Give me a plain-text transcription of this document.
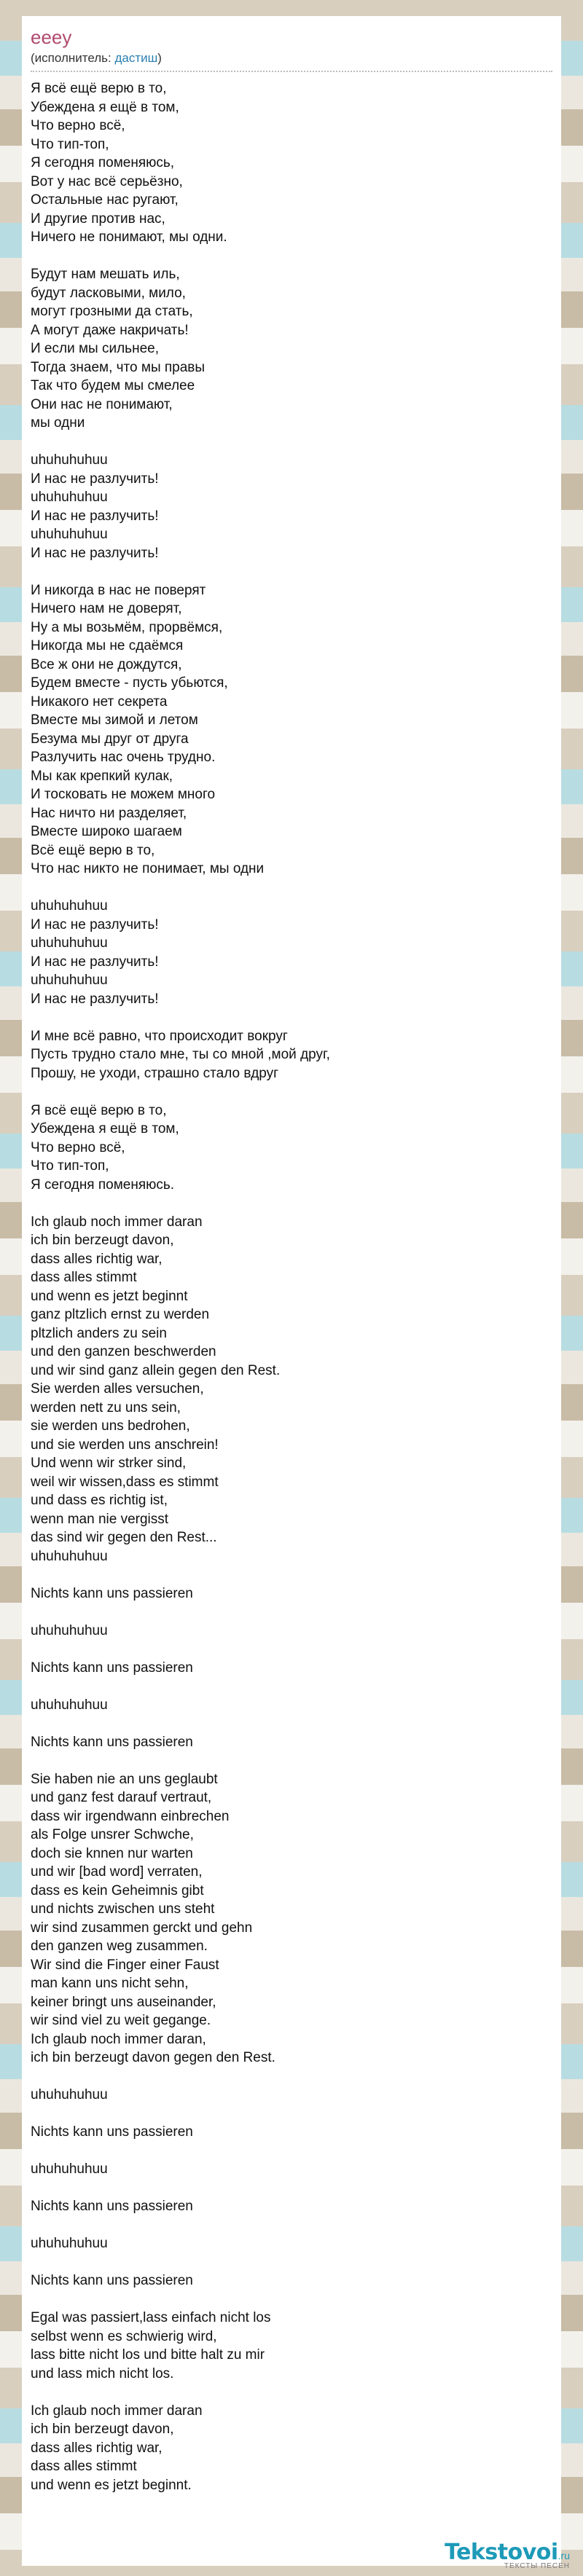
eeey
(исполнитель: дастиш)
Я всё ещё верю в то,
Убеждена я ещё в том,
Что верно всё,
Что тип-топ,
Я сегодня поменяюсь,
Вот у нас всё серьёзно,
Остальные нас ругают,
И другие против нас,
Ничего не понимают, мы одни.
Будут нам мешать иль,
будут ласковыми, мило,
могут грозными да стать,
А могут даже накричать!
И если мы сильнее,
Тогда знаем, что мы правы
Так что будем мы смелее
Они нас не понимают,
мы одни
uhuhuhuhuu
И нас не разлучить!
uhuhuhuhuu
И нас не разлучить!
uhuhuhuhuu
И нас не разлучить!
И никогда в нас не поверят
Ничего нам не доверят,
Ну а мы возьмём, прорвёмся,
Никогда мы не сдаёмся
Все ж они не дождутся,
Будем вместе - пусть убьются,
Никакого нет секрета
Вместе мы зимой и летом
Безума мы друг от друга
Разлучить нас очень трудно.
Мы как крепкий кулак,
И тосковать не можем много
Нас ничто ни разделяет,
Вместе широко шагаем
Всё ещё верю в то,
Что нас никто не понимает, мы одни
uhuhuhuhuu
И нас не разлучить!
uhuhuhuhuu
И нас не разлучить!
uhuhuhuhuu
И нас не разлучить!
И мне всё равно, что происходит вокруг
Пусть трудно стало мне, ты со мной ,мой друг,
Прошу, не уходи, страшно стало вдруг
Я всё ещё верю в то,
Убеждена я ещё в том,
Что верно всё,
Что тип-топ,
Я сегодня поменяюсь.
Ich glaub noch immer daran
ich bin berzeugt davon,
dass alles richtig war,
dass alles stimmt
und wenn es jetzt beginnt
ganz pltzlich ernst zu werden
pltzlich anders zu sein
und den ganzen beschwerden
und wir sind ganz allein gegen den Rest.
Sie werden alles versuchen,
werden nett zu uns sein,
sie werden uns bedrohen,
und sie werden uns anschrein!
Und wenn wir strker sind,
weil wir wissen,dass es stimmt
und dass es richtig ist,
wenn man nie vergisst
das sind wir gegen den Rest...
uhuhuhuhuu
Nichts kann uns passieren
uhuhuhuhuu
Nichts kann uns passieren
uhuhuhuhuu
Nichts kann uns passieren
Sie haben nie an uns geglaubt
und ganz fest darauf vertraut,
dass wir irgendwann einbrechen
als Folge unsrer Schwche,
doch sie knnen nur warten
und wir [bad word] verraten,
dass es kein Geheimnis gibt
und nichts zwischen uns steht
wir sind zusammen gerckt und gehn
den ganzen weg zusammen.
Wir sind die Finger einer Faust
man kann uns nicht sehn,
keiner bringt uns auseinander,
wir sind viel zu weit gegange.
Ich glaub noch immer daran,
ich bin berzeugt davon gegen den Rest.
uhuhuhuhuu
Nichts kann uns passieren
uhuhuhuhuu
Nichts kann uns passieren
uhuhuhuhuu
Nichts kann uns passieren
Egal was passiert,lass einfach nicht los
selbst wenn es schwierig wird,
lass bitte nicht los und bitte halt zu mir
und lass mich nicht los.
Ich glaub noch immer daran
ich bin berzeugt davon,
dass alles richtig war,
dass alles stimmt
und wenn es jetzt beginnt.
Tekstovoi.ru
ТЕКСТЫ ПЕСЕН
